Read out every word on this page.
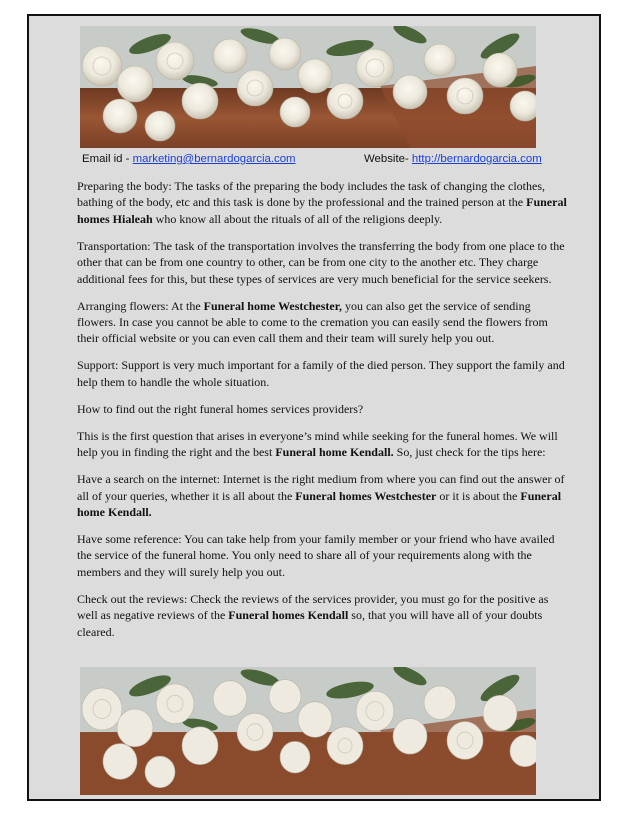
Email id - marketing@bernardogarcia.com	Website- http://bernardogarcia.com

Preparing the body: The tasks of the preparing the body includes the task of changing the clothes, bathing of the body, etc and this task is done by the professional and the trained person at the Funeral homes Hialeah who know all about the rituals of all of the religions deeply.

Transportation: The task of the transportation involves the transferring the body from one place to the other that can be from one country to other, can be from one city to the another etc. They charge additional fees for this, but these types of services are very much beneficial for the service seekers.

Arranging flowers: At the Funeral home Westchester, you can also get the service of sending flowers. In case you cannot be able to come to the cremation you can easily send the flowers from their official website or you can even call them and their team will surely help you out.

Support: Support is very much important for a family of the died person. They support the family and help them to handle the whole situation.

How to find out the right funeral homes services providers?

This is the first question that arises in everyone’s mind while seeking for the funeral homes. We will help you in finding the right and the best Funeral home Kendall. So, just check for the tips here:

Have a search on the internet: Internet is the right medium from where you can find out the answer of all of your queries, whether it is all about the Funeral homes Westchester or it is about the Funeral home Kendall.

Have some reference: You can take help from your family member or your friend who have availed the service of the funeral home. You only need to share all of your requirements along with the members and they will surely help you out.

Check out the reviews: Check the reviews of the services provider, you must go for the positive as well as negative reviews of the Funeral homes Kendall so, that you will have all of your doubts cleared.
